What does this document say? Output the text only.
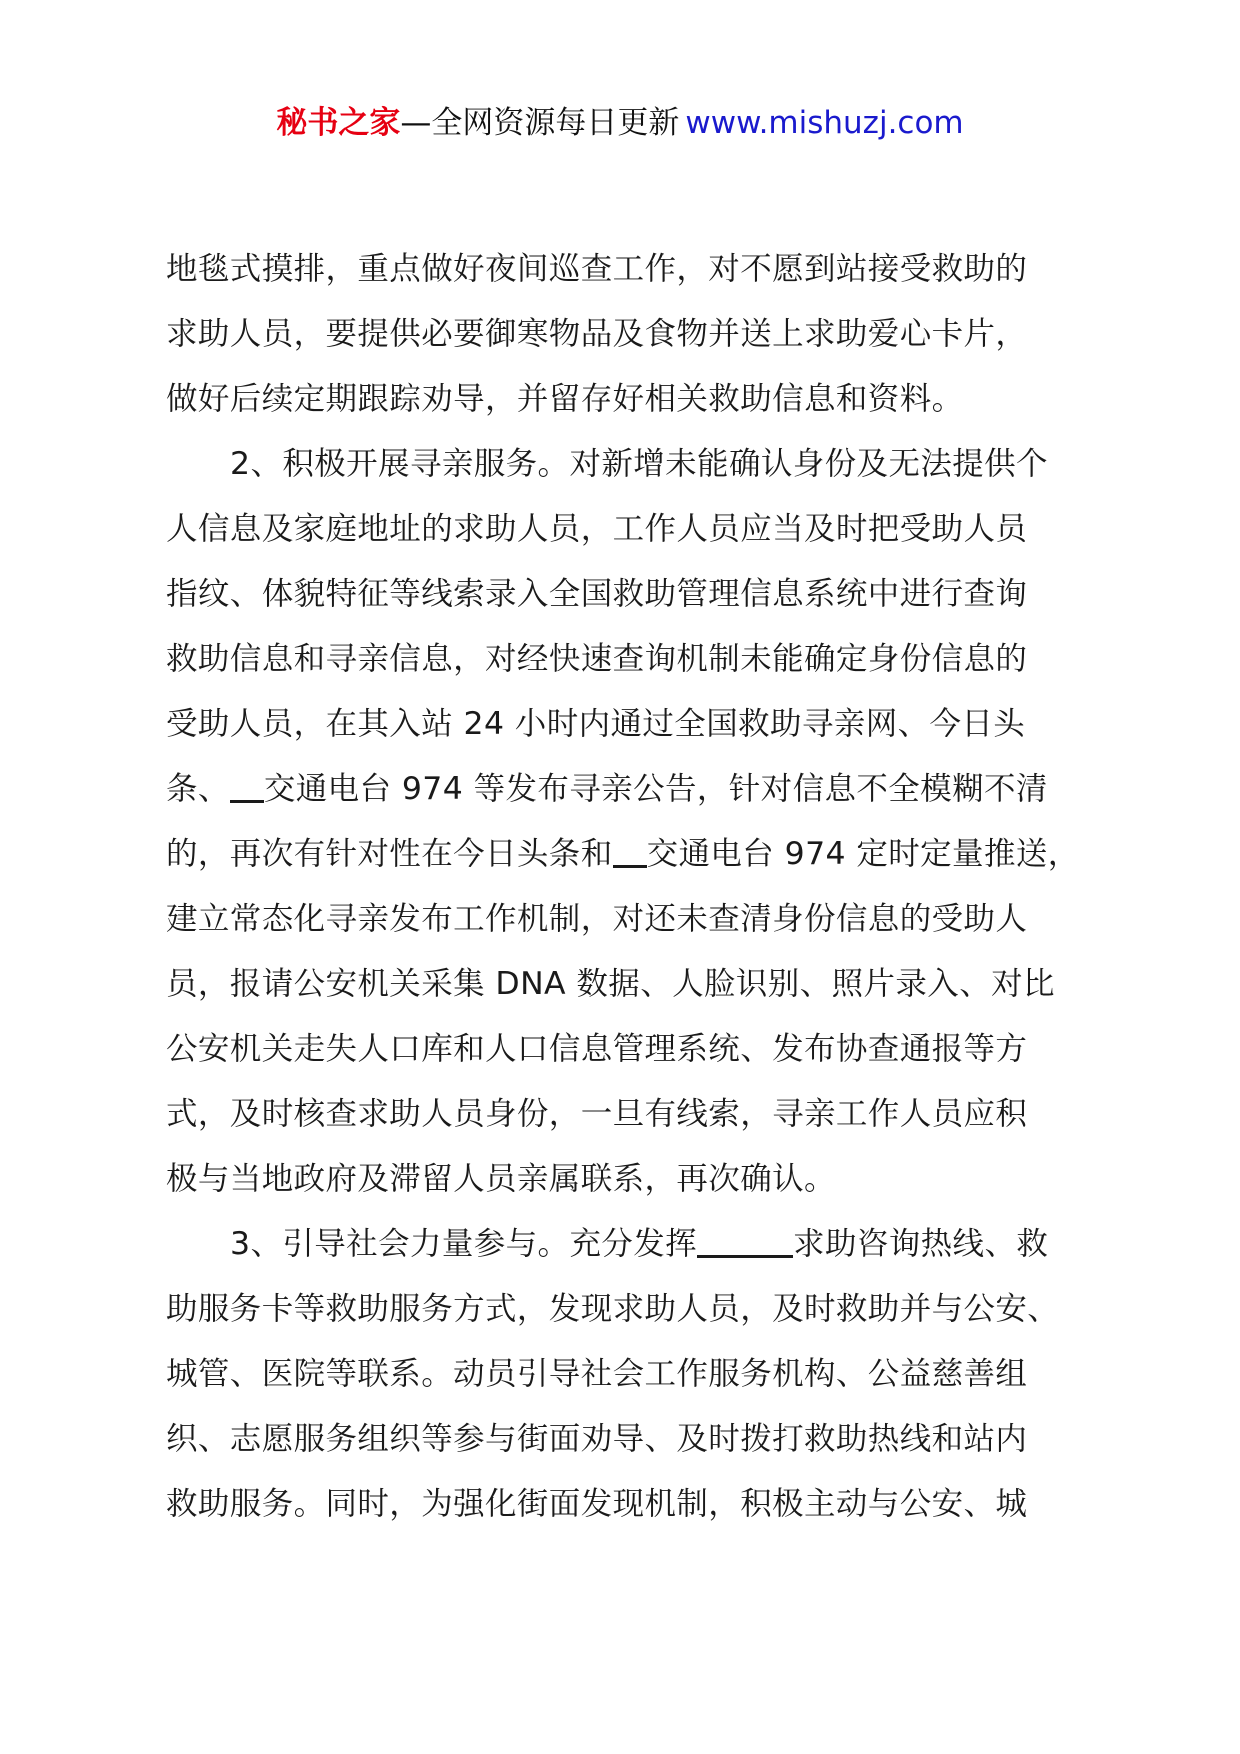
秘书之家—全网资源每日更新 www.mishuzj.com
地毯式摸排，重点做好夜间巡查工作，对不愿到站接受救助的
求助人员，要提供必要御寒物品及食物并送上求助爱心卡片，
做好后续定期跟踪劝导，并留存好相关救助信息和资料。
2、积极开展寻亲服务。对新增未能确认身份及无法提供个
人信息及家庭地址的求助人员，工作人员应当及时把受助人员
指纹、体貌特征等线索录入全国救助管理信息系统中进行查询
救助信息和寻亲信息，对经快速查询机制未能确定身份信息的
受助人员，在其入站 24 小时内通过全国救助寻亲网、今日头
条、 交通电台 974 等发布寻亲公告，针对信息不全模糊不清
的，再次有针对性在今日头条和 交通电台 974 定时定量推送，
建立常态化寻亲发布工作机制，对还未查清身份信息的受助人
员，报请公安机关采集 DNA 数据、人脸识别、照片录入、对比
公安机关走失人口库和人口信息管理系统、发布协查通报等方
式，及时核查求助人员身份，一旦有线索，寻亲工作人员应积
极与当地政府及滞留人员亲属联系，再次确认。
3、引导社会力量参与。充分发挥	求助咨询热线、救
助服务卡等救助服务方式，发现求助人员，及时救助并与公安、
城管、医院等联系。动员引导社会工作服务机构、公益慈善组
织、志愿服务组织等参与街面劝导、及时拨打救助热线和站内
救助服务。同时，为强化街面发现机制，积极主动与公安、城
